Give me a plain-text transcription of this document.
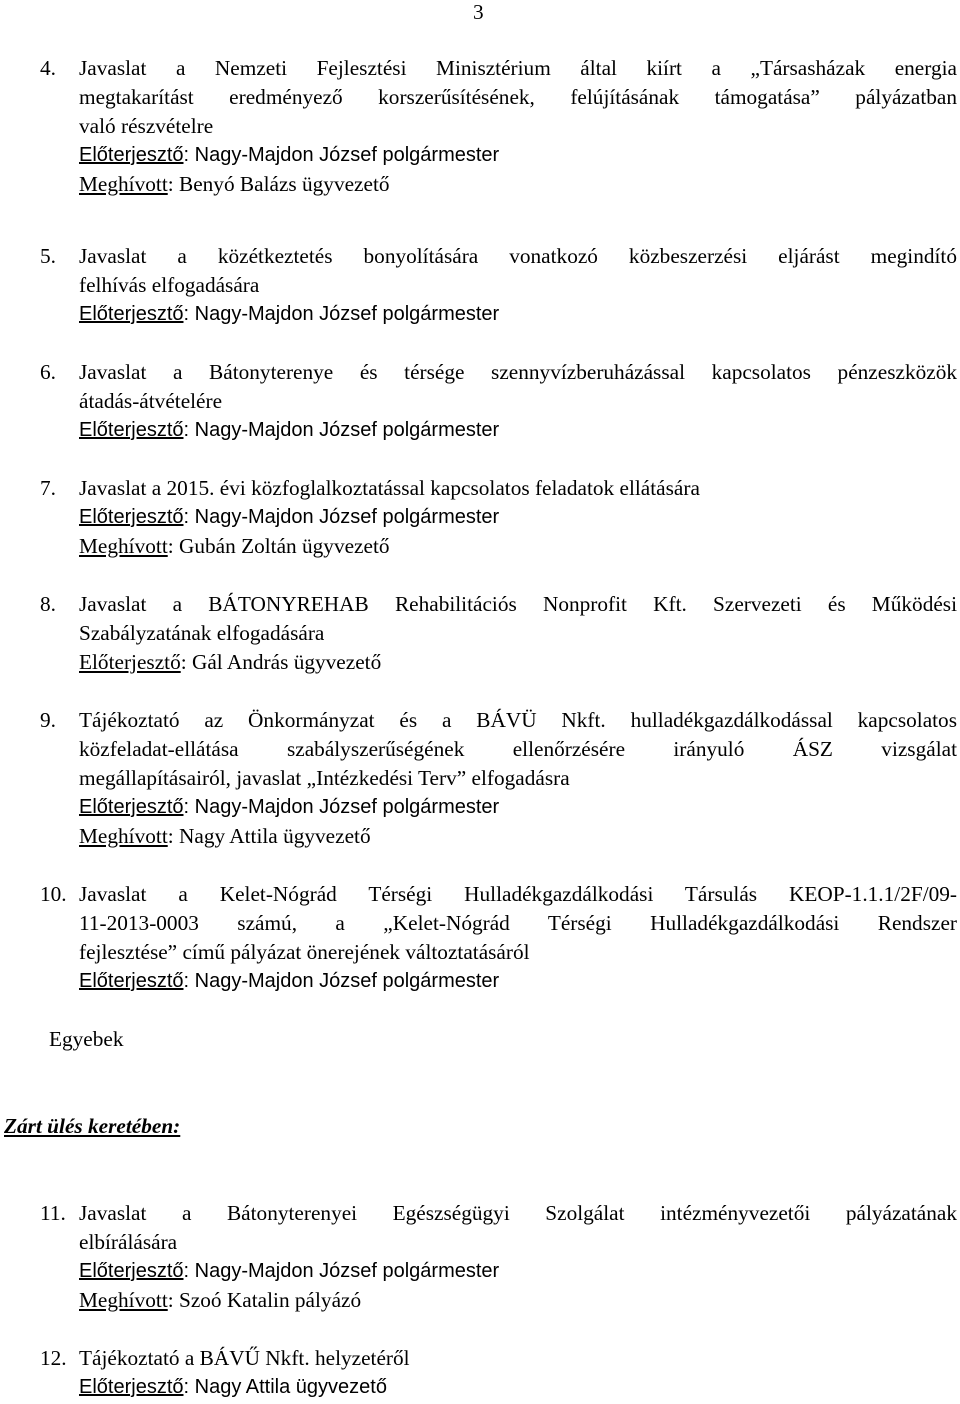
3
4. Javaslat a Nemzeti Fejlesztési Minisztérium által kiírt a „Társasházak energia
megtakarítást eredményező korszerűsítésének, felújításának támogatása” pályázatban
való részvételre
Előterjesztő: Nagy-Majdon József polgármester
Meghívott: Benyó Balázs ügyvezető
5. Javaslat a közétkeztetés bonyolítására vonatkozó közbeszerzési eljárást megindító
felhívás elfogadására
Előterjesztő: Nagy-Majdon József polgármester
6. Javaslat a Bátonyterenye és térsége szennyvízberuházással kapcsolatos pénzeszközök
átadás-átvételére
Előterjesztő: Nagy-Majdon József polgármester
7. Javaslat a 2015. évi közfoglalkoztatással kapcsolatos feladatok ellátására
Előterjesztő: Nagy-Majdon József polgármester
Meghívott: Gubán Zoltán ügyvezető
8. Javaslat a BÁTONYREHAB Rehabilitációs Nonprofit Kft. Szervezeti és Működési
Szabályzatának elfogadására
Előterjesztő: Gál András ügyvezető
9. Tájékoztató az Önkormányzat és a BÁVÜ Nkft. hulladékgazdálkodással kapcsolatos
közfeladat-ellátása szabályszerűségének ellenőrzésére irányuló ÁSZ vizsgálat
megállapításairól, javaslat „Intézkedési Terv” elfogadásra
Előterjesztő: Nagy-Majdon József polgármester
Meghívott: Nagy Attila ügyvezető
10. Javaslat a Kelet-Nógrád Térségi Hulladékgazdálkodási Társulás KEOP-1.1.1/2F/09-
11-2013-0003 számú, a „Kelet-Nógrád Térségi Hulladékgazdálkodási Rendszer
fejlesztése” című pályázat önerejének változtatásáról
Előterjesztő: Nagy-Majdon József polgármester
Egyebek
Zárt ülés keretében:
11. Javaslat a Bátonyterenyei Egészségügyi Szolgálat intézményvezetői pályázatának
elbírálására
Előterjesztő: Nagy-Majdon József polgármester
Meghívott: Szoó Katalin pályázó
12. Tájékoztató a BÁVŰ Nkft. helyzetéről
Előterjesztő: Nagy Attila ügyvezető
